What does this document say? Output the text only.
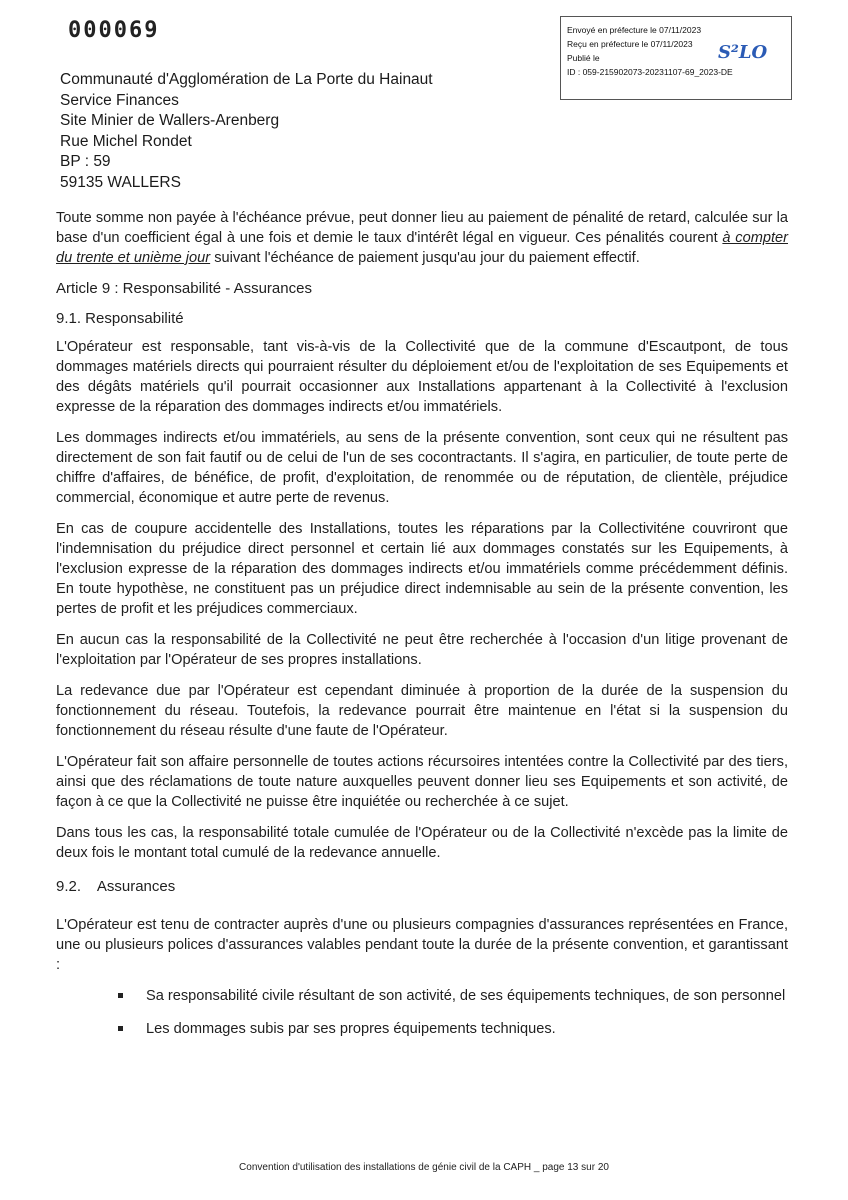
000069	Envoyé en préfecture le 07/11/2023
Reçu en préfecture le 07/11/2023
Publié le
ID : 059-215902073-20231107-69_2023-DE
S²LO
Communauté d'Agglomération de La Porte du Hainaut
Service Finances
Site Minier de Wallers-Arenberg
Rue Michel Rondet
BP : 59
59135 WALLERS

Toute somme non payée à l'échéance prévue, peut donner lieu au paiement de pénalité de retard, calculée sur la base d'un coefficient égal à une fois et demie le taux d'intérêt légal en vigueur. Ces pénalités courent à compter du trente et unième jour suivant l'échéance de paiement jusqu'au jour du paiement effectif.

Article 9 : Responsabilité - Assurances
9.1. Responsabilité

L'Opérateur est responsable, tant vis-à-vis de la Collectivité que de la commune d'Escautpont, de tous dommages matériels directs qui pourraient résulter du déploiement et/ou de l'exploitation de ses Equipements et des dégâts matériels qu'il pourrait occasionner aux Installations appartenant à la Collectivité à l'exclusion expresse de la réparation des dommages indirects et/ou immatériels.

Les dommages indirects et/ou immatériels, au sens de la présente convention, sont ceux qui ne résultent pas directement de son fait fautif ou de celui de l'un de ses cocontractants. Il s'agira, en particulier, de toute perte de chiffre d'affaires, de bénéfice, de profit, d'exploitation, de renommée ou de réputation, de clientèle, préjudice commercial, économique et autre perte de revenus.

En cas de coupure accidentelle des Installations, toutes les réparations par la Collectiviténe couvriront que l'indemnisation du préjudice direct personnel et certain lié aux dommages constatés sur les Equipements, à l'exclusion expresse de la réparation des dommages indirects et/ou immatériels comme précédemment définis. En toute hypothèse, ne constituent pas un préjudice direct indemnisable au sein de la présente convention, les pertes de profit et les préjudices commerciaux.

En aucun cas la responsabilité de la Collectivité ne peut être recherchée à l'occasion d'un litige provenant de l'exploitation par l'Opérateur de ses propres installations.

La redevance due par l'Opérateur est cependant diminuée à proportion de la durée de la suspension du fonctionnement du réseau. Toutefois, la redevance pourrait être maintenue en l'état si la suspension du fonctionnement du réseau résulte d'une faute de l'Opérateur.

L'Opérateur fait son affaire personnelle de toutes actions récursoires intentées contre la Collectivité par des tiers, ainsi que des réclamations de toute nature auxquelles peuvent donner lieu ses Equipements et son activité, de façon à ce que la Collectivité ne puisse être inquiétée ou recherchée à ce sujet.

Dans tous les cas, la responsabilité totale cumulée de l'Opérateur ou de la Collectivité n'excède pas la limite de deux fois le montant total cumulé de la redevance annuelle.

9.2.    Assurances

L'Opérateur est tenu de contracter auprès d'une ou plusieurs compagnies d'assurances représentées en France, une ou plusieurs polices d'assurances valables pendant toute la durée de la présente convention, et garantissant :

Sa responsabilité civile résultant de son activité, de ses équipements techniques, de son personnel
Les dommages subis par ses propres équipements techniques.
Convention d'utilisation des installations de génie civil de la CAPH _ page 13 sur 20
